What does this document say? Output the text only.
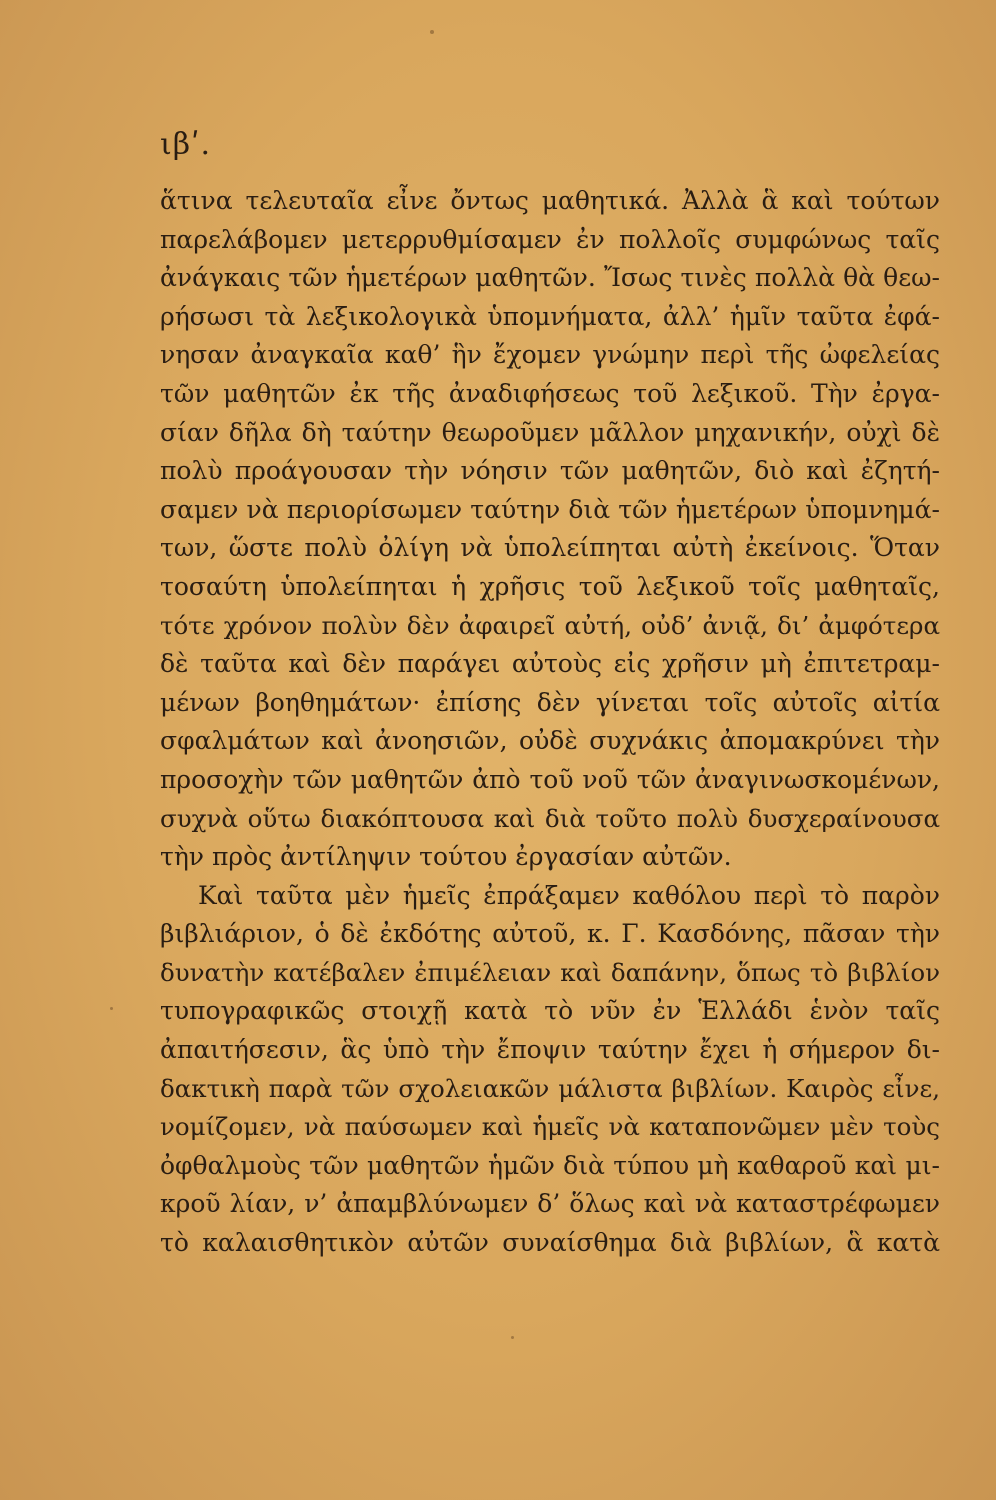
ιβʹ.
ἅτινα τελευταῖα εἶνε ὄντως μαθητικά. Ἀλλὰ ἃ καὶ τούτων
παρελάβομεν μετερρυθμίσαμεν ἐν πολλοῖς συμφώνως ταῖς
ἀνάγκαις τῶν ἡμετέρων μαθητῶν. Ἴσως τινὲς πολλὰ θὰ θεω-
ρήσωσι τὰ λεξικολογικὰ ὑπομνήματα, ἀλλ’ ἡμῖν ταῦτα ἐφά-
νησαν ἀναγκαῖα καθ’ ἣν ἔχομεν γνώμην περὶ τῆς ὠφελείας
τῶν μαθητῶν ἐκ τῆς ἀναδιφήσεως τοῦ λεξικοῦ. Τὴν ἐργα-
σίαν δῆλα δὴ ταύτην θεωροῦμεν μᾶλλον μηχανικήν, οὐχὶ δὲ
πολὺ προάγουσαν τὴν νόησιν τῶν μαθητῶν, διὸ καὶ ἐζητή-
σαμεν νὰ περιορίσωμεν ταύτην διὰ τῶν ἡμετέρων ὑπομνημά-
των, ὥστε πολὺ ὀλίγη νὰ ὑπολείπηται αὐτὴ ἐκείνοις. Ὅταν
τοσαύτη ὑπολείπηται ἡ χρῆσις τοῦ λεξικοῦ τοῖς μαθηταῖς,
τότε χρόνον πολὺν δὲν ἀφαιρεῖ αὐτή, οὐδ’ ἀνιᾷ, δι’ ἀμφότερα
δὲ ταῦτα καὶ δὲν παράγει αὐτοὺς εἰς χρῆσιν μὴ ἐπιτετραμ-
μένων βοηθημάτων· ἐπίσης δὲν γίνεται τοῖς αὐτοῖς αἰτία
σφαλμάτων καὶ ἀνοησιῶν, οὐδὲ συχνάκις ἀπομακρύνει τὴν
προσοχὴν τῶν μαθητῶν ἀπὸ τοῦ νοῦ τῶν ἀναγινωσκομένων,
συχνὰ οὕτω διακόπτουσα καὶ διὰ τοῦτο πολὺ δυσχεραίνουσα
τὴν πρὸς ἀντίληψιν τούτου ἐργασίαν αὐτῶν.
Καὶ ταῦτα μὲν ἡμεῖς ἐπράξαμεν καθόλου περὶ τὸ παρὸν
βιβλιάριον, ὁ δὲ ἐκδότης αὐτοῦ, κ. Γ. Κασδόνης, πᾶσαν τὴν
δυνατὴν κατέβαλεν ἐπιμέλειαν καὶ δαπάνην, ὅπως τὸ βιβλίον
τυπογραφικῶς στοιχῇ κατὰ τὸ νῦν ἐν Ἑλλάδι ἑνὸν ταῖς
ἀπαιτήσεσιν, ἃς ὑπὸ τὴν ἔποψιν ταύτην ἔχει ἡ σήμερον δι-
δακτικὴ παρὰ τῶν σχολειακῶν μάλιστα βιβλίων. Καιρὸς εἶνε,
νομίζομεν, νὰ παύσωμεν καὶ ἡμεῖς νὰ καταπονῶμεν μὲν τοὺς
ὀφθαλμοὺς τῶν μαθητῶν ἡμῶν διὰ τύπου μὴ καθαροῦ καὶ μι-
κροῦ λίαν, ν’ ἀπαμβλύνωμεν δ’ ὅλως καὶ νὰ καταστρέφωμεν
τὸ καλαισθητικὸν αὐτῶν συναίσθημα διὰ βιβλίων, ἃ κατὰ
